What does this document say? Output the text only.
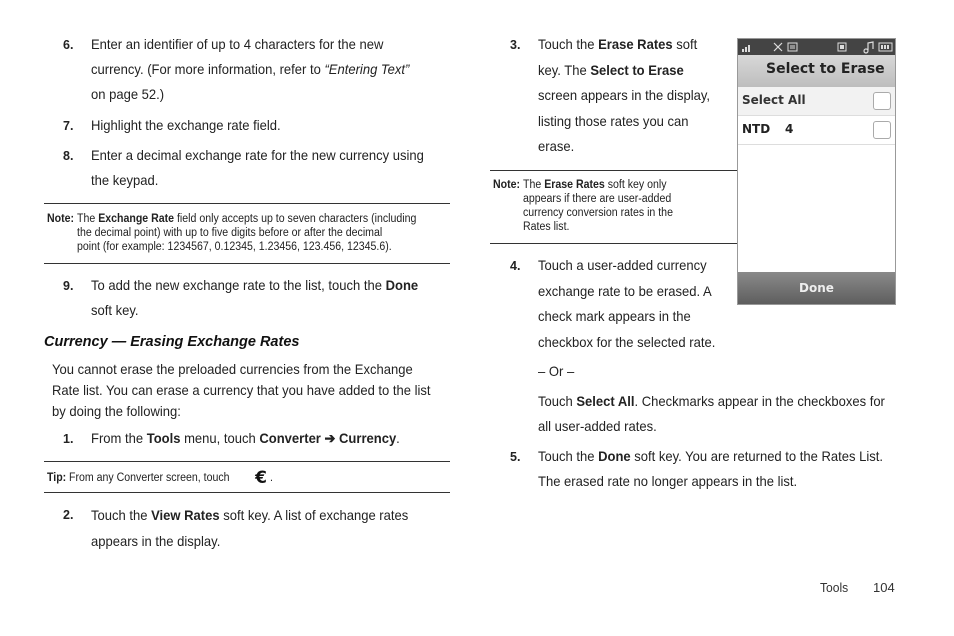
6. Enter an identifier of up to 4 characters for the new
currency. (For more information, refer to “Entering Text”
on page 52.)
7. Highlight the exchange rate field.
8. Enter a decimal exchange rate for the new currency using
the keypad.
Note: The Exchange Rate field only accepts up to seven characters (including
the decimal point) with up to five digits before or after the decimal
point (for example: 1234567, 0.12345, 1.23456, 123.456, 12345.6).
9. To add the new exchange rate to the list, touch the Done
soft key.
Currency — Erasing Exchange Rates
You cannot erase the preloaded currencies from the Exchange
Rate list. You can erase a currency that you have added to the list
by doing the following:
1. From the Tools menu, touch Converter ➔ Currency.
Tip: From any Converter screen, touch € .
2. Touch the View Rates soft key. A list of exchange rates
appears in the display.
3. Touch the Erase Rates soft
key. The Select to Erase
screen appears in the display,
listing those rates you can
erase.
Note: The Erase Rates soft key only
appears if there are user-added
currency conversion rates in the
Rates list.
4. Touch a user-added currency
exchange rate to be erased. A
check mark appears in the
checkbox for the selected rate.
– Or –
Touch Select All. Checkmarks appear in the checkboxes for
all user-added rates.
5. Touch the Done soft key. You are returned to the Rates List.
The erased rate no longer appears in the list.
Select to Erase
Select All
NTD 4
Done
Tools 104
